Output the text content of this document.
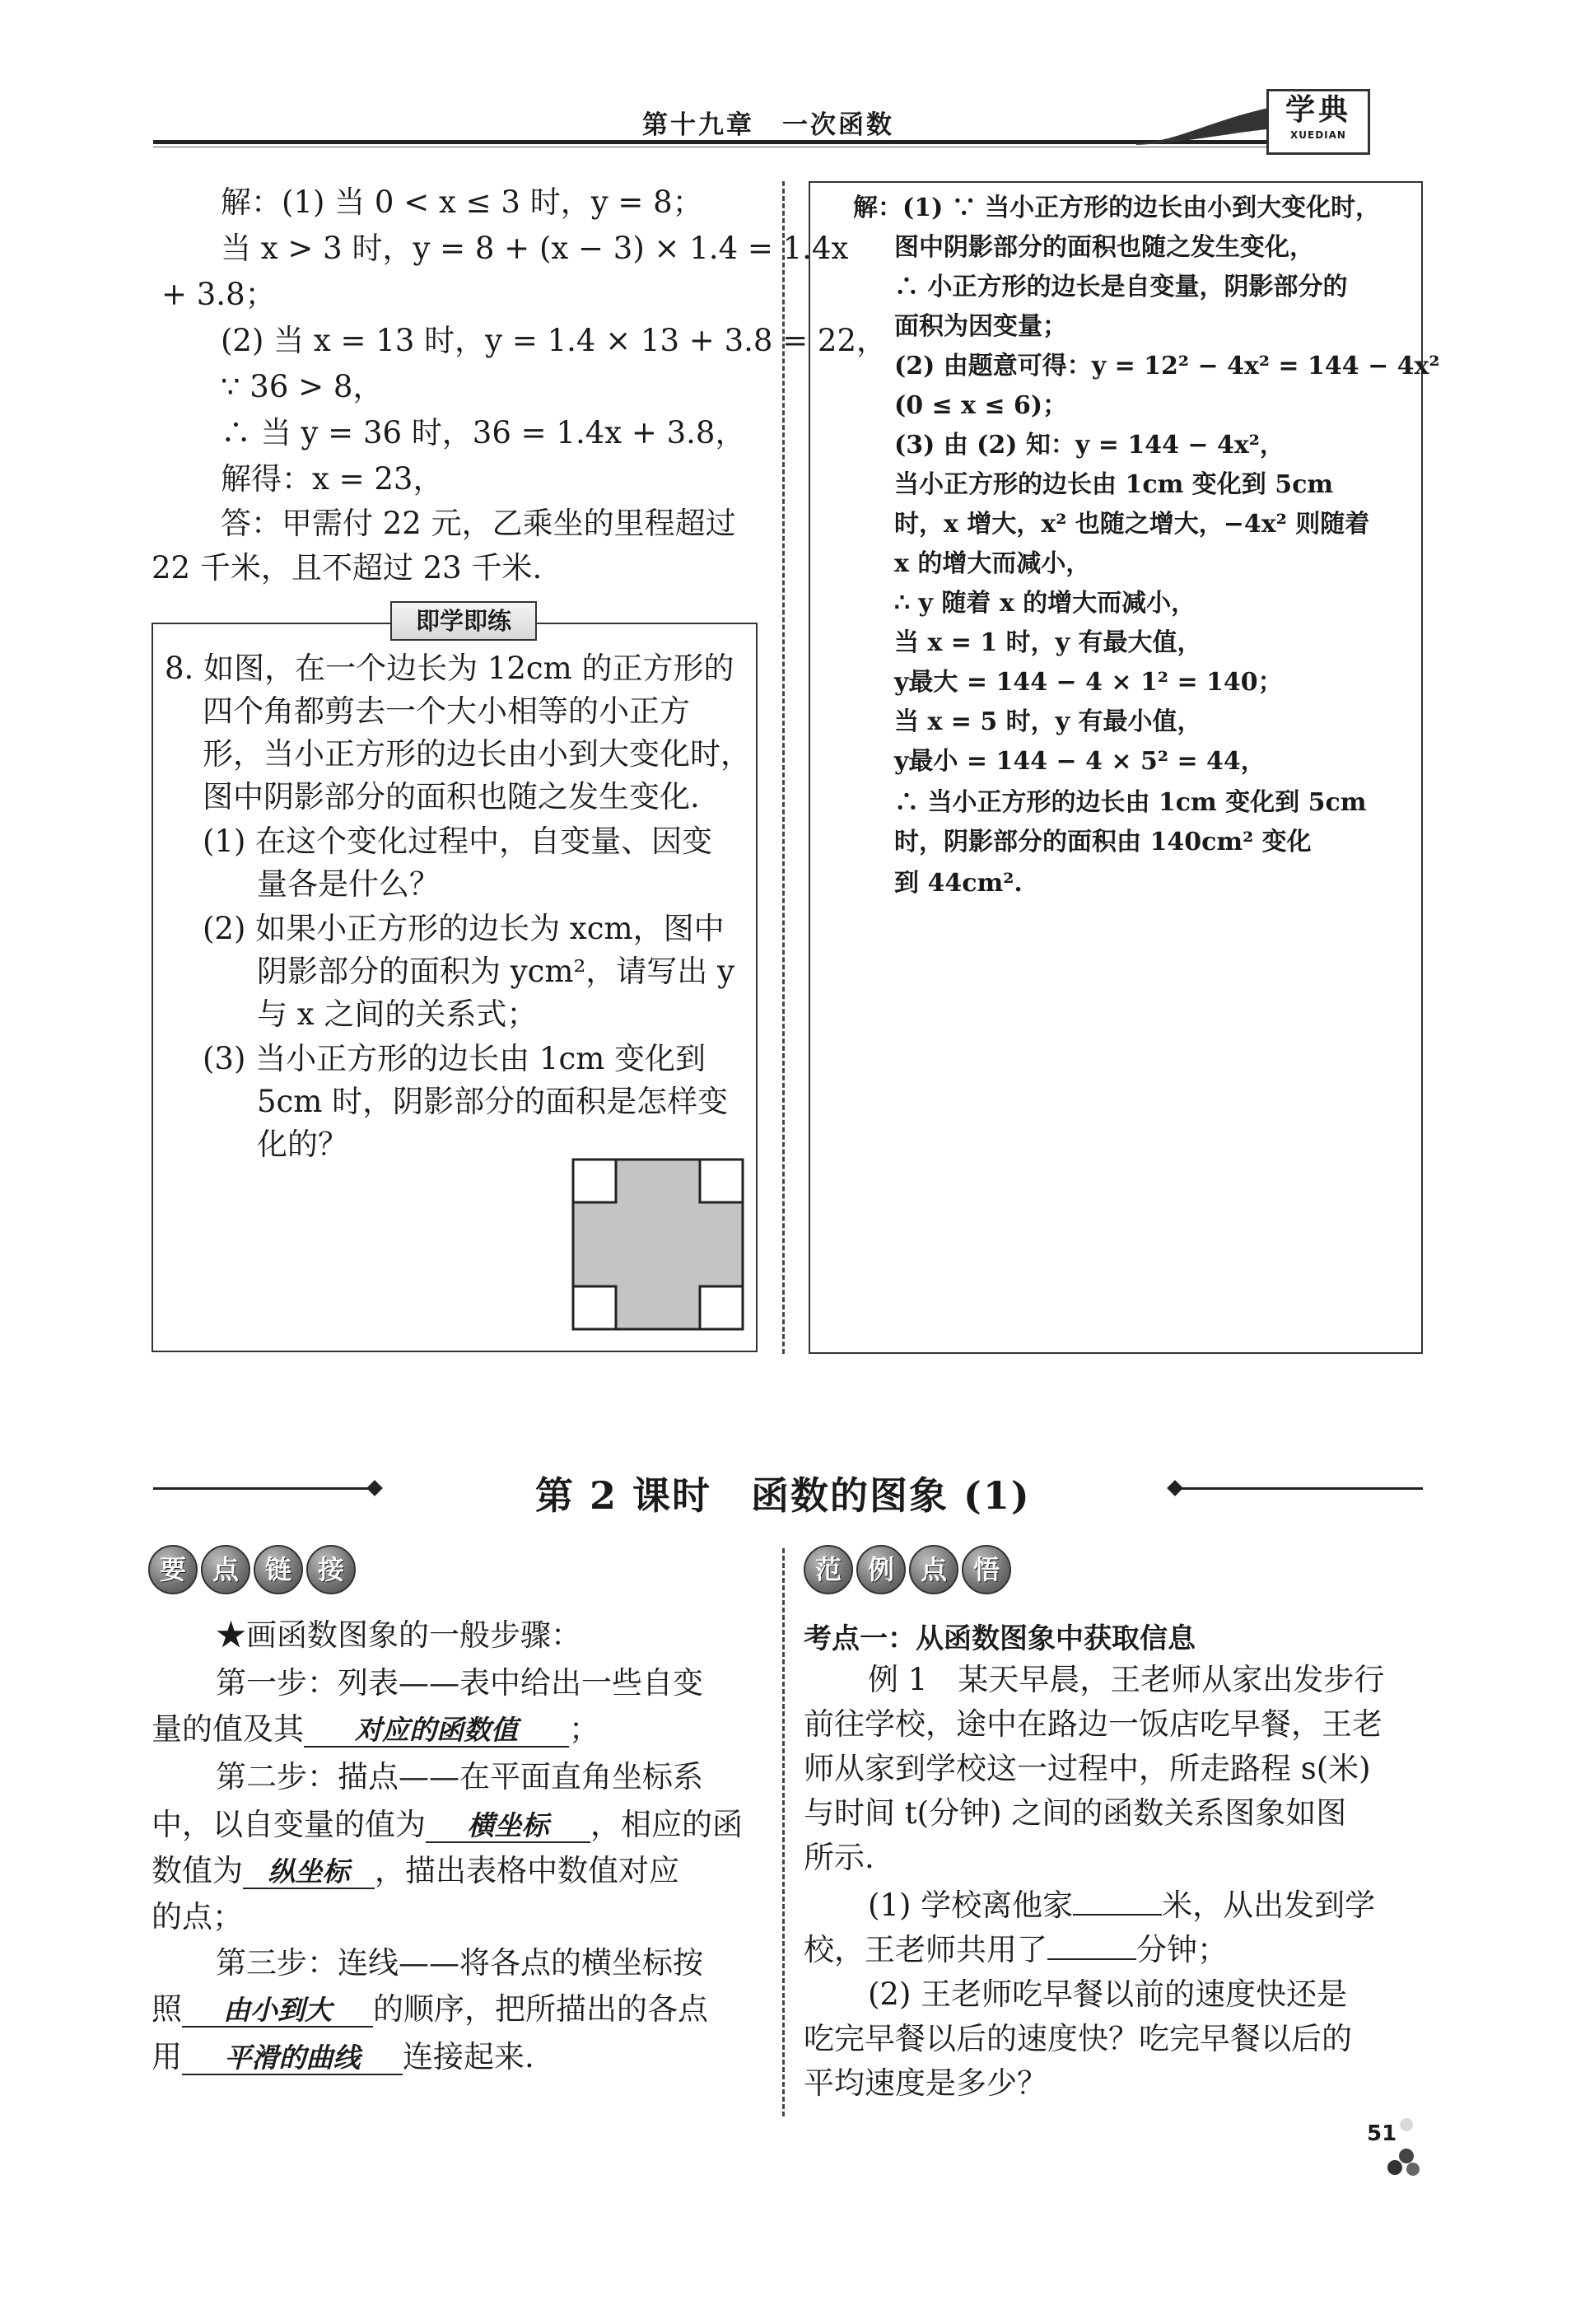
第十九章　一次函数	学典
XUEDIAN
解：(1) 当 0 < x ≤ 3 时，y = 8；
当 x > 3 时，y = 8 + (x − 3) × 1.4 = 1.4x
+ 3.8；
(2) 当 x = 13 时，y = 1.4 × 13 + 3.8 = 22，
∵ 36 > 8，
∴ 当 y = 36 时，36 = 1.4x + 3.8，
解得：x = 23，
答：甲需付 22 元，乙乘坐的里程超过
22 千米，且不超过 23 千米.
即学即练
8. 如图，在一个边长为 12cm 的正方形的
四个角都剪去一个大小相等的小正方
形，当小正方形的边长由小到大变化时，
图中阴影部分的面积也随之发生变化.
(1) 在这个变化过程中，自变量、因变
量各是什么？
(2) 如果小正方形的边长为 xcm，图中
阴影部分的面积为 ycm²，请写出 y
与 x 之间的关系式；
(3) 当小正方形的边长由 1cm 变化到
5cm 时，阴影部分的面积是怎样变
化的？
解：(1) ∵ 当小正方形的边长由小到大变化时，
图中阴影部分的面积也随之发生变化，
∴ 小正方形的边长是自变量，阴影部分的
面积为因变量；
(2) 由题意可得：y = 12² − 4x² = 144 − 4x²
(0 ≤ x ≤ 6)；
(3) 由 (2) 知：y = 144 − 4x²，
当小正方形的边长由 1cm 变化到 5cm
时，x 增大，x² 也随之增大，−4x² 则随着
x 的增大而减小，
∴ y 随着 x 的增大而减小，
当 x = 1 时，y 有最大值，
y最大 = 144 − 4 × 1² = 140；
当 x = 5 时，y 有最小值，
y最小 = 144 − 4 × 5² = 44，
∴ 当小正方形的边长由 1cm 变化到 5cm
时，阴影部分的面积由 140cm² 变化
到 44cm².
第 2 课时　函数的图象 (1)
要 点 链 接	范 例 点 悟
★画函数图象的一般步骤：
第一步：列表——表中给出一些自变
量的值及其 对应的函数值 ；
第二步：描点——在平面直角坐标系
中，以自变量的值为 横坐标 ，相应的函
数值为 纵坐标 ，描出表格中数值对应
的点；
第三步：连线——将各点的横坐标按
照 由小到大 的顺序，把所描出的各点
用 平滑的曲线 连接起来.
考点一：从函数图象中获取信息
例 1　某天早晨，王老师从家出发步行
前往学校，途中在路边一饭店吃早餐，王老
师从家到学校这一过程中，所走路程 s(米)
与时间 t(分钟) 之间的函数关系图象如图
所示.
(1) 学校离他家	米，从出发到学
校，王老师共用了	分钟；
(2) 王老师吃早餐以前的速度快还是
吃完早餐以后的速度快？吃完早餐以后的
平均速度是多少？
51
